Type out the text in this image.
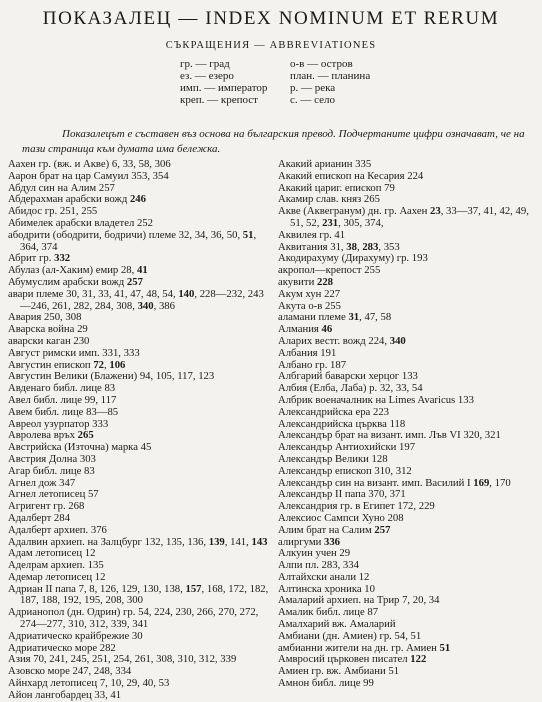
ПОКАЗАЛЕЦ — INDEX NOMINUM ET RERUM
СЪКРАЩЕНИЯ — ABBREVIATIONES
гр. — град
ез. — езеро
имп. — император
креп. — крепост
о-в — остров
план. — планина
р. — река
с. — село
Показалецът е съставен въз основа на българския превод. Подчертаните цифри означават, че на тази страница към думата има бележка.
Аахен гр. (вж. и Акве) 6, 33, 58, 306
Аарон брат на цар Самуил 353, 354
Абдул син на Алим 257
Абдерахман арабски вожд 246
Абидос гр. 251, 255
Абимелек арабски владетел 252
абодрити (ободрити, бодричи) племе 32, 34, 36, 50, 51, 364, 374
Абрит гр. 332
Абулаз (ал-Хаким) емир 28, 41
Абумуслим арабски вожд 257
авари племе 30, 31, 33, 41, 47, 48, 54, 140, 228—232, 243—246, 261, 282, 284, 308, 340, 386
Авария 250, 308
Аварска война 29
аварски каган 230
Август римски имп. 331, 333
Августин епископ 72, 106
Августин Велики (Блажени) 94, 105, 117, 123
Авденаго библ. лице 83
Авел библ. лице 99, 117
Авем библ. лице 83—85
Авреол узурпатор 333
Авролева връх 265
Австрийска (Източна) марка 45
Австрия Долна 303
Агар библ. лице 83
Агнел дож 347
Агнел летописец 57
Агригент гр. 268
Адалберт 284
Адалберт архиеп. 376
Адалвин архиеп. на Залцбург 132, 135, 136, 139, 141, 143
Адам летописец 12
Аделрам архиеп. 135
Адемар летописец 12
Адриан II папа 7, 8, 126, 129, 130, 138, 157, 168, 172, 182, 187, 188, 192, 195, 208, 300
Адрианопол (дн. Одрин) гр. 54, 224, 230, 266, 270, 272, 274—277, 310, 312, 339, 341
Адриатическо крайбрежие 30
Адриатическо море 282
Азия 70, 241, 245, 251, 254, 261, 308, 310, 312, 339
Азовско море 247, 248, 334
Айнхард летописец 7, 10, 29, 40, 53
Айон лангобардец 33, 41
Акакий арианин 335
Акакий епископ на Кесария 224
Акакий цариг. епископ 79
Акамир слав. княз 265
Акве (Аквегранум) дн. гр. Аахен 23, 33—37, 41, 42, 49, 51, 52, 231, 305, 374,
Аквилея гр. 41
Аквитания 31, 38, 283, 353
Акодирахуму (Дирахуму) гр. 193
акропол—крепост 255
акувити 228
Акум хун 227
Акута о-в 255
аламани племе 31, 47, 58
Алмания 46
Аларих вестг. вожд 224, 340
Албания 191
Албано гр. 187
Албгарий баварски херцог 133
Албия (Елба, Лаба) р. 32, 33, 54
Албрик военачалник на Limes Avaricus 133
Александрийска ера 223
Александрийска църква 118
Александър брат на визант. имп. Лъв VI 320, 321
Александър Антиохийски 197
Александър Велики 128
Александър епископ 310, 312
Александър син на визант. имп. Василий I 169, 170
Александър II папа 370, 371
Александрия гр. в Египет 172, 229
Алексиос Сампси Хуно 208
Алим брат на Салим 257
алиргуми 336
Алкуин учен 29
Алпи пл. 283, 334
Алтайхски анали 12
Алтинска хроника 10
Амаларий архиеп. на Трир 7, 20, 34
Амалик библ. лице 87
Амалхарий вж. Амаларий
Амбиани (дн. Амиен) гр. 54, 51
амбианни жители на дн. гр. Амиен 51
Амвросий църковен писател 122
Амиен гр. вж. Амбиани 51
Амнон библ. лице 99
